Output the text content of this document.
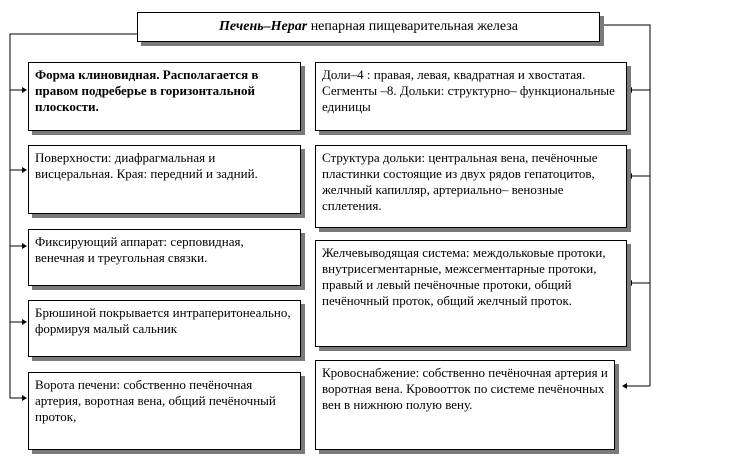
Печень–Hepar непарная пищеварительная железа
Форма клиновидная. Располагается в правом подреберье в горизонтальной плоскости.
Поверхности: диафрагмальная и висцеральная. Края: передний и задний.
Фиксирующий аппарат: серповидная, венечная и треугольная связки.
Брюшиной покрывается интраперитонеально, формируя малый сальник
Ворота печени: собственно печёночная артерия, воротная вена, общий печёночный проток,
Доли–4 : правая, левая, квадратная и хвостатая. Сегменты –8. Дольки: структурно– функциональные единицы
Структура дольки: центральная вена, печёночные пластинки состоящие из двух рядов гепатоцитов, желчный капилляр, артериально– венозные сплетения.
Желчевыводящая система: междольковые протоки, внутрисегментарные, межсегментарные протоки, правый и левый печёночные протоки, общий печёночный проток, общий желчный проток.
Кровоснабжение: собственно печёночная артерия и воротная вена. Кровоотток по системе печёночных вен в нижнюю полую вену.
